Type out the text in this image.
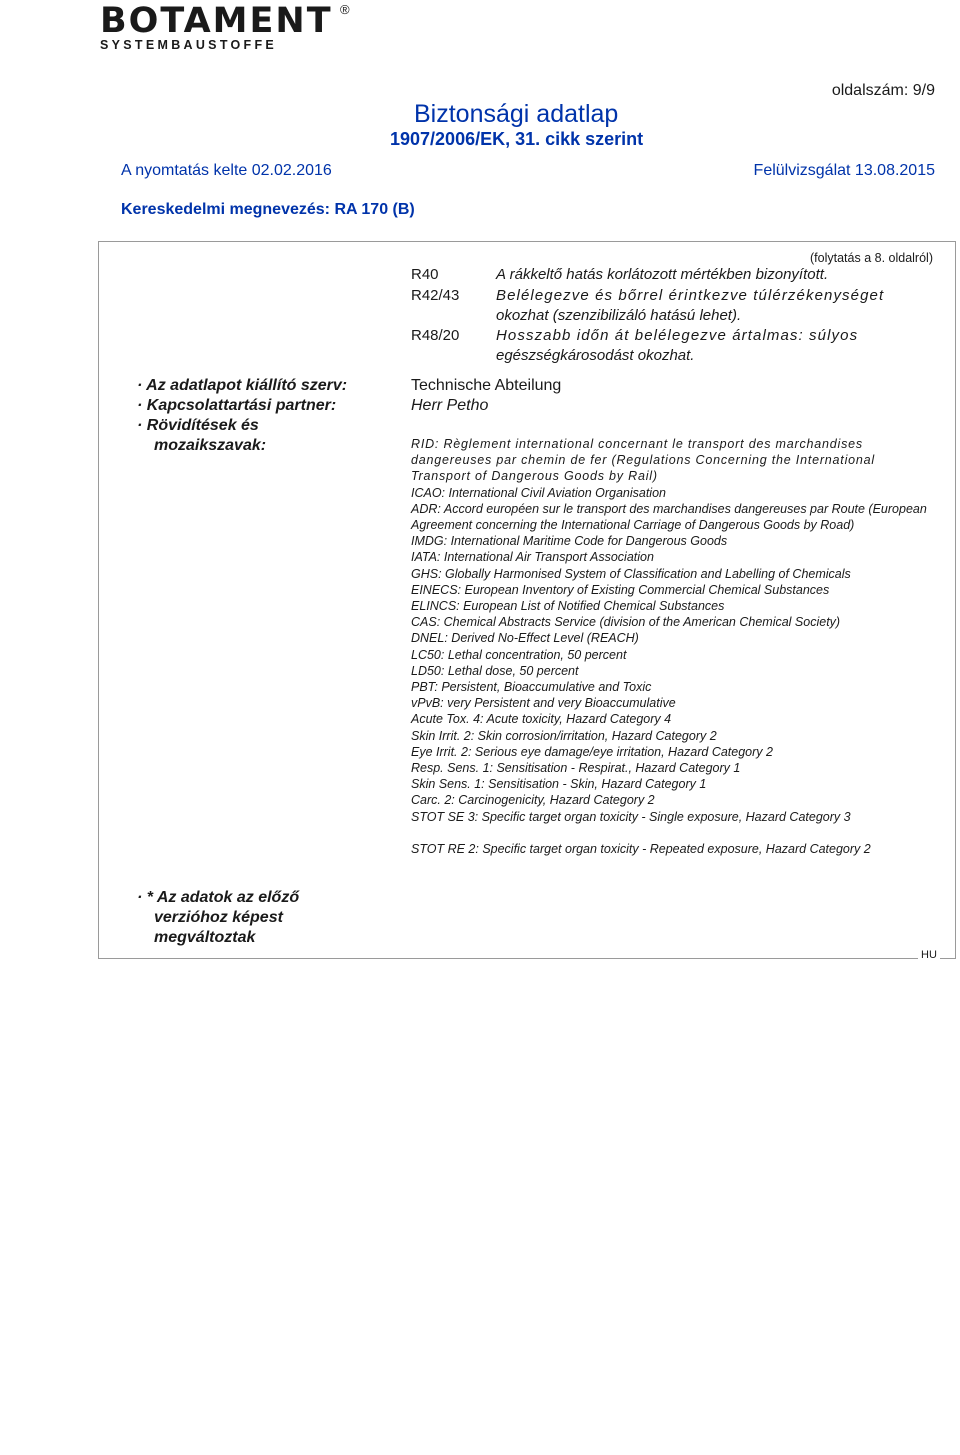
BOTAMENT ®
SYSTEMBAUSTOFFE
oldalszám: 9/9
Biztonsági adatlap
1907/2006/EK, 31. cikk szerint
A nyomtatás kelte 02.02.2016	Felülvizsgálat 13.08.2015
Kereskedelmi megnevezés: RA 170 (B)
(folytatás a 8. oldalról)
R40	A rákkeltő hatás korlátozott mértékben bizonyított.
R42/43 Belélegezve és bőrrel érintkezve túlérzékenységet
okozhat (szenzibilizáló hatású lehet).
R48/20 Hosszabb időn át belélegezve ártalmas: súlyos
egészségkárosodást okozhat.
· Az adatlapot kiállító szerv:	Technische Abteilung
· Kapcsolattartási partner:	Herr Petho
· Rövidítések és
mozaikszavak:	RID: Règlement international concernant le transport des marchandises dangereuses par chemin de fer (Regulations Concerning the International Transport of Dangerous Goods by Rail)
ICAO: International Civil Aviation Organisation
ADR: Accord européen sur le transport des marchandises dangereuses par Route (European Agreement concerning the International Carriage of Dangerous Goods by Road)
IMDG: International Maritime Code for Dangerous Goods
IATA: International Air Transport Association
GHS: Globally Harmonised System of Classification and Labelling of Chemicals
EINECS: European Inventory of Existing Commercial Chemical Substances
ELINCS: European List of Notified Chemical Substances
CAS: Chemical Abstracts Service (division of the American Chemical Society)
DNEL: Derived No-Effect Level (REACH)
LC50: Lethal concentration, 50 percent
LD50: Lethal dose, 50 percent
PBT: Persistent, Bioaccumulative and Toxic
vPvB: very Persistent and very Bioaccumulative
Acute Tox. 4: Acute toxicity, Hazard Category 4
Skin Irrit. 2: Skin corrosion/irritation, Hazard Category 2
Eye Irrit. 2: Serious eye damage/eye irritation, Hazard Category 2
Resp. Sens. 1: Sensitisation - Respirat., Hazard Category 1
Skin Sens. 1: Sensitisation - Skin, Hazard Category 1
Carc. 2: Carcinogenicity, Hazard Category 2
STOT SE 3: Specific target organ toxicity - Single exposure, Hazard Category 3
STOT RE 2: Specific target organ toxicity - Repeated exposure, Hazard Category 2
· * Az adatok az előző
verzióhoz képest
megváltoztak
HU
